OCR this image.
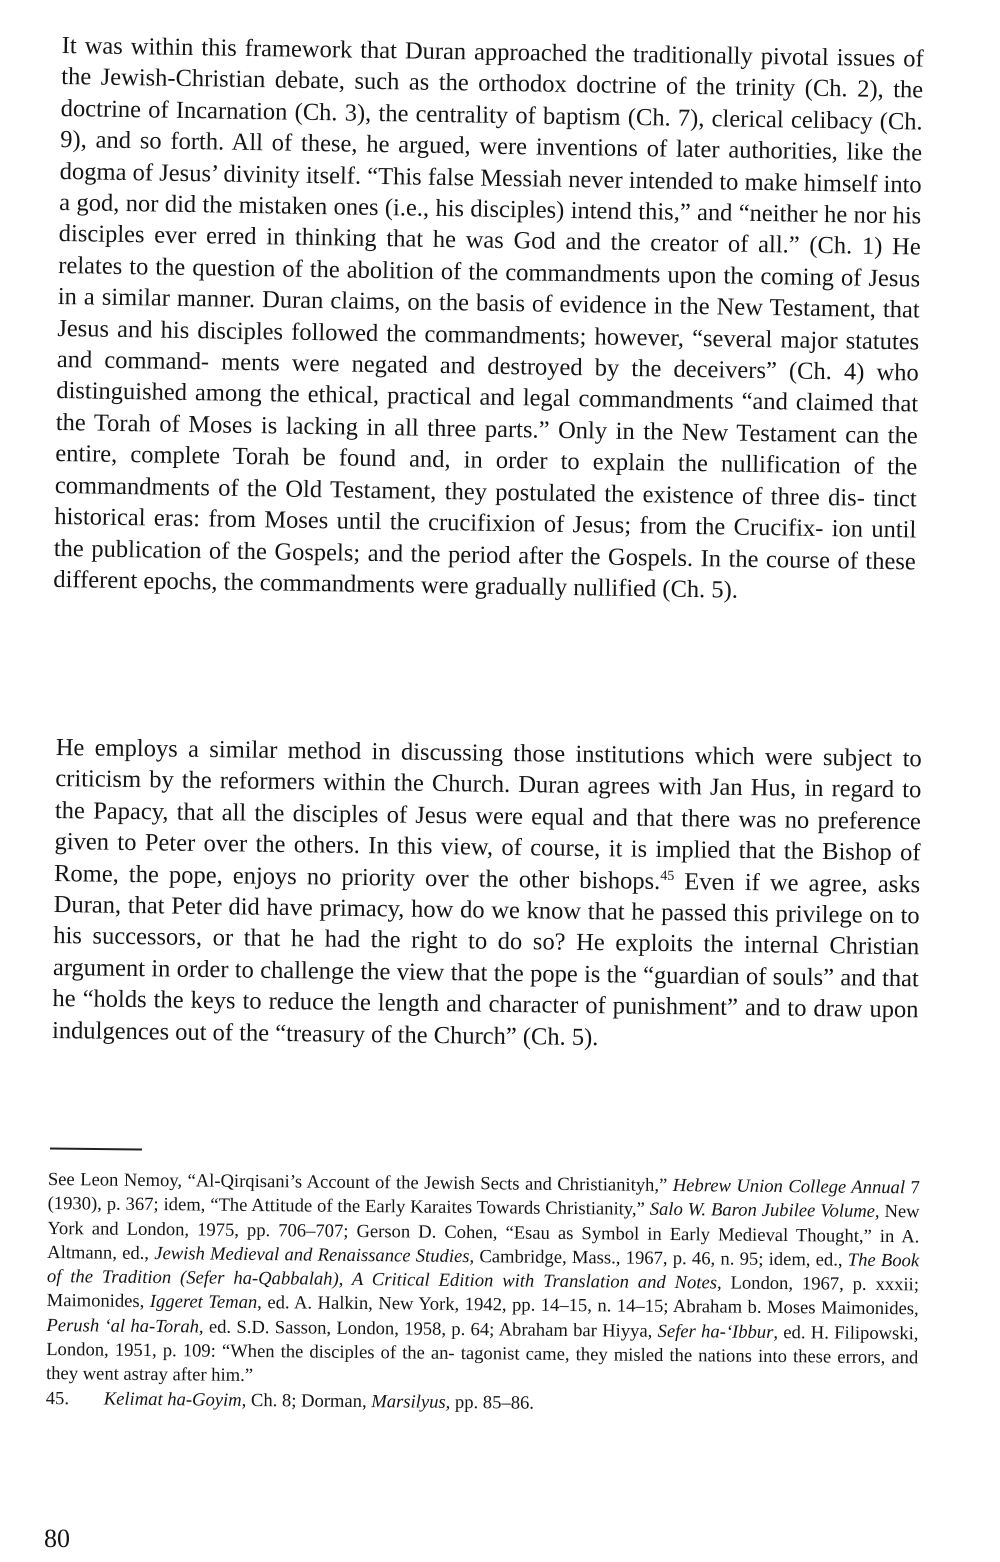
It was within this framework that Duran approached the traditionally pivotal issues of the Jewish-Christian debate, such as the orthodox doctrine of the trinity (Ch. 2), the doctrine of Incarnation (Ch. 3), the centrality of baptism (Ch. 7), clerical celibacy (Ch. 9), and so forth. All of these, he argued, were inventions of later authorities, like the dogma of Jesus’ divinity itself. “This false Messiah never intended to make himself into a god, nor did the mistaken ones (i.e., his disciples) intend this,” and “neither he nor his disciples ever erred in thinking that he was God and the creator of all.” (Ch. 1) He relates to the question of the abolition of the commandments upon the coming of Jesus in a similar manner. Duran claims, on the basis of evidence in the New Testament, that Jesus and his disciples followed the commandments; however, “several major statutes and command- ments were negated and destroyed by the deceivers” (Ch. 4) who distinguished among the ethical, practical and legal commandments “and claimed that the Torah of Moses is lacking in all three parts.” Only in the New Testament can the entire, complete Torah be found and, in order to explain the nullification of the commandments of the Old Testament, they postulated the existence of three dis- tinct historical eras: from Moses until the crucifixion of Jesus; from the Crucifix- ion until the publication of the Gospels; and the period after the Gospels. In the course of these different epochs, the commandments were gradually nullified (Ch. 5).

He employs a similar method in discussing those institutions which were subject to criticism by the reformers within the Church. Duran agrees with Jan Hus, in regard to the Papacy, that all the disciples of Jesus were equal and that there was no preference given to Peter over the others. In this view, of course, it is implied that the Bishop of Rome, the pope, enjoys no priority over the other bishops.$^{45}$ Even if we agree, asks Duran, that Peter did have primacy, how do we know that he passed this privilege on to his successors, or that he had the right to do so? He exploits the internal Christian argument in order to challenge the view that the pope is the “guardian of souls” and that he “holds the keys to reduce the length and character of punishment” and to draw upon indulgences out of the “treasury of the Church” (Ch. 5).

See Leon Nemoy, “Al-Qirqisani’s Account of the Jewish Sects and Christianityh,” Hebrew Union College Annual 7 (1930), p. 367; idem, “The Attitude of the Early Karaites Towards Christianity,” Salo W. Baron Jubilee Volume, New York and London, 1975, pp. 706–707; Gerson D. Cohen, “Esau as Symbol in Early Medieval Thought,” in A. Altmann, ed., Jewish Medieval and Renaissance Studies, Cambridge, Mass., 1967, p. 46, n. 95; idem, ed., The Book of the Tradition (Sefer ha-Qabbalah), A Critical Edition with Translation and Notes, London, 1967, p. xxxii; Maimonides, Iggeret Teman, ed. A. Halkin, New York, 1942, pp. 14–15, n. 14–15; Abraham b. Moses Maimonides, Perush ‘al ha-Torah, ed. S.D. Sasson, London, 1958, p. 64; Abraham bar Hiyya, Sefer ha-‘Ibbur, ed. H. Filipowski, London, 1951, p. 109: “When the disciples of the an- tagonist came, they misled the nations into these errors, and they went astray after him.”

45. Kelimat ha-Goyim, Ch. 8; Dorman, Marsilyus, pp. 85–86.

80
